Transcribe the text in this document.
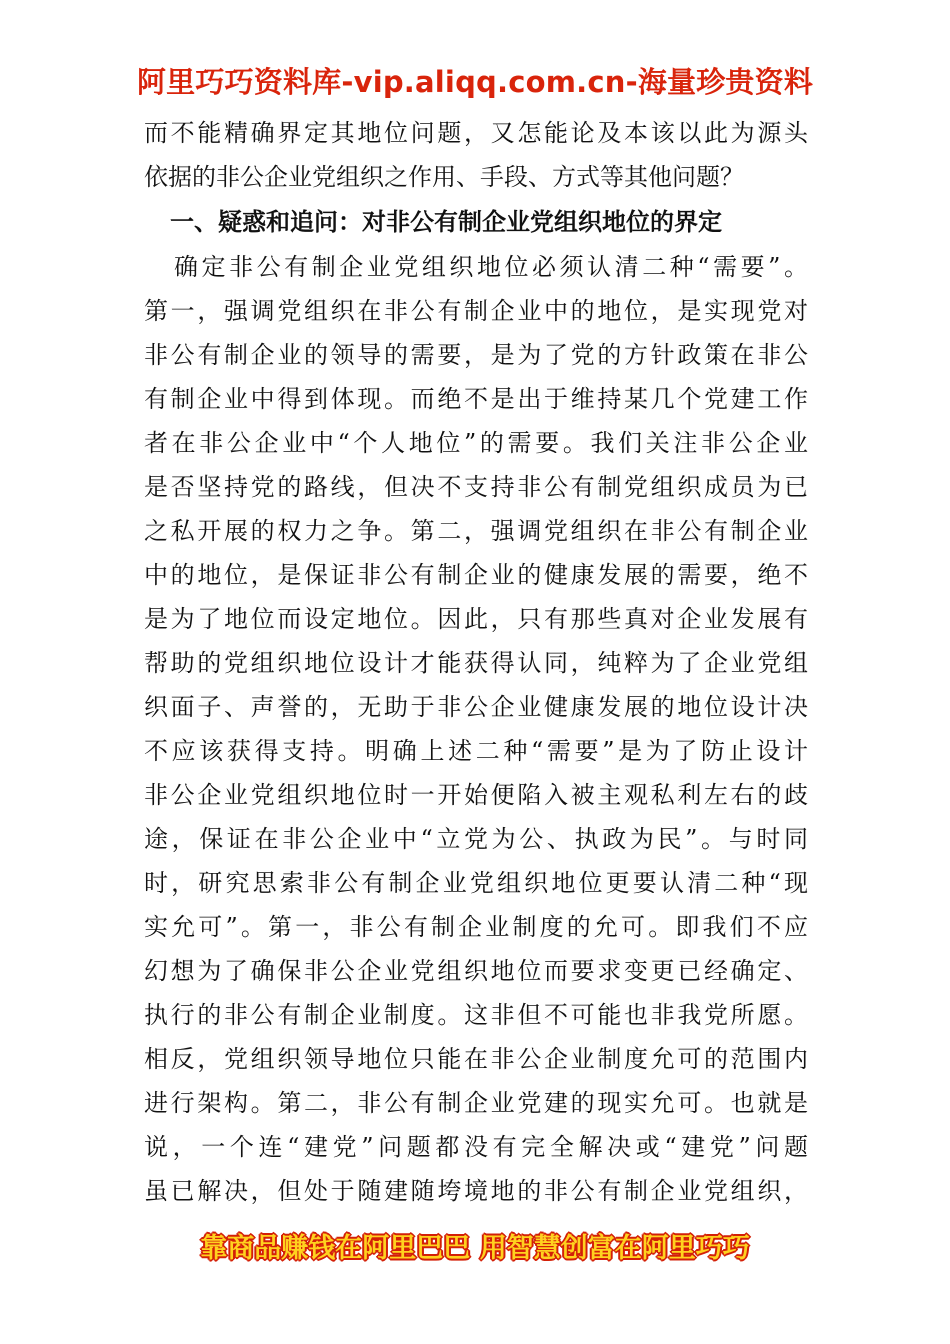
阿里巧巧资料库-vip.aliqq.com.cn-海量珍贵资料
而不能精确界定其地位问题，又怎能论及本该以此为源头
依据的非公企业党组织之作用、手段、方式等其他问题？
一、疑惑和追问：对非公有制企业党组织地位的界定
确定非公有制企业党组织地位必须认清二种“需要”。
第一，强调党组织在非公有制企业中的地位，是实现党对
非公有制企业的领导的需要，是为了党的方针政策在非公
有制企业中得到体现。而绝不是出于维持某几个党建工作
者在非公企业中“个人地位”的需要。我们关注非公企业
是否坚持党的路线，但决不支持非公有制党组织成员为已
之私开展的权力之争。第二，强调党组织在非公有制企业
中的地位，是保证非公有制企业的健康发展的需要，绝不
是为了地位而设定地位。因此，只有那些真对企业发展有
帮助的党组织地位设计才能获得认同，纯粹为了企业党组
织面子、声誉的，无助于非公企业健康发展的地位设计决
不应该获得支持。明确上述二种“需要”是为了防止设计
非公企业党组织地位时一开始便陷入被主观私利左右的歧
途，保证在非公企业中“立党为公、执政为民”。与时同
时，研究思索非公有制企业党组织地位更要认清二种“现
实允可”。第一，非公有制企业制度的允可。即我们不应
幻想为了确保非公企业党组织地位而要求变更已经确定、
执行的非公有制企业制度。这非但不可能也非我党所愿。
相反，党组织领导地位只能在非公企业制度允可的范围内
进行架构。第二，非公有制企业党建的现实允可。也就是
说，一个连“建党”问题都没有完全解决或“建党”问题
虽已解决，但处于随建随垮境地的非公有制企业党组织，
靠商品赚钱在阿里巴巴 用智慧创富在阿里巧巧
